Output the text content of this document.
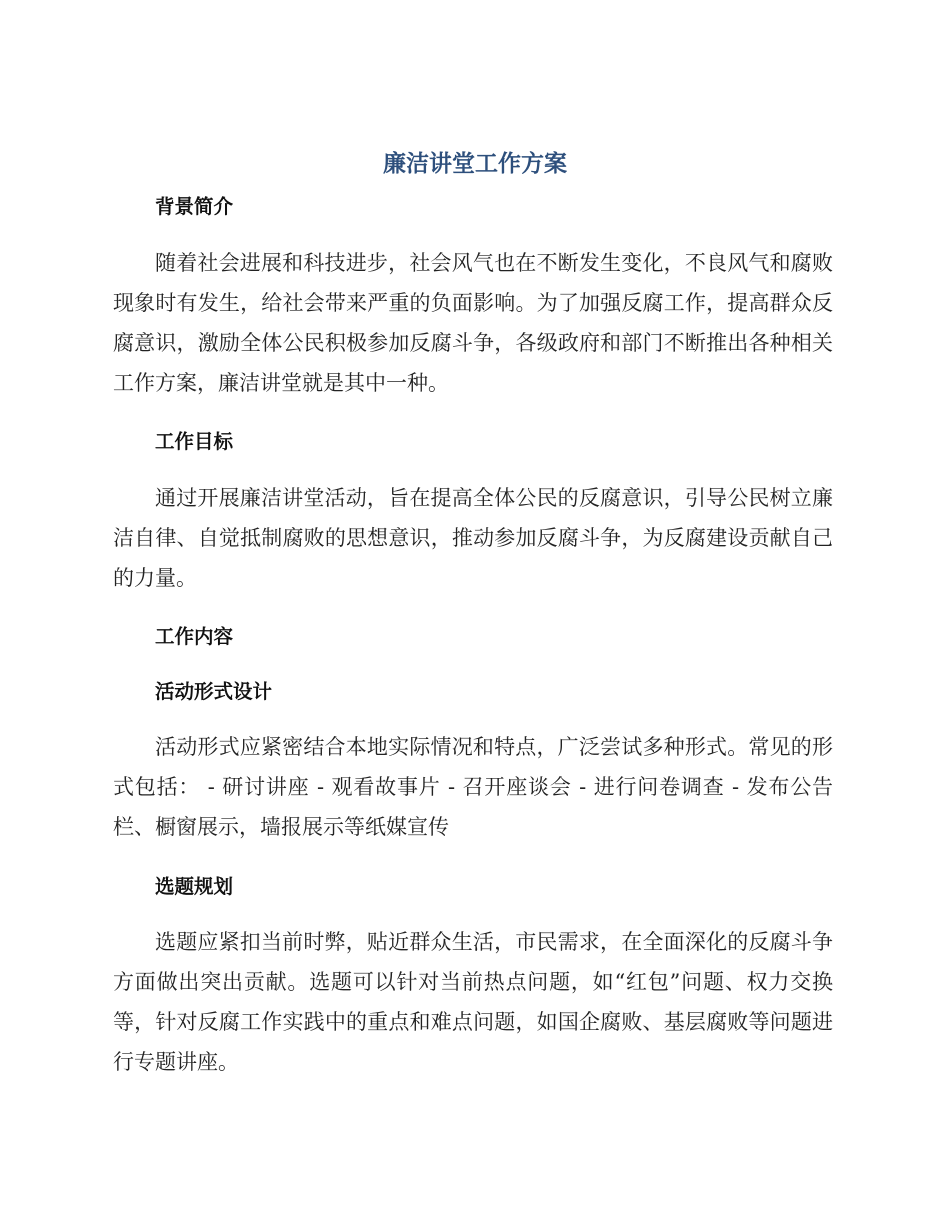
廉洁讲堂工作方案
背景简介

随着社会进展和科技进步，社会风气也在不断发生变化，不良风气和腐败现象时有发生，给社会带来严重的负面影响。为了加强反腐工作，提高群众反腐意识，激励全体公民积极参加反腐斗争，各级政府和部门不断推出各种相关工作方案，廉洁讲堂就是其中一种。

工作目标

通过开展廉洁讲堂活动，旨在提高全体公民的反腐意识，引导公民树立廉洁自律、自觉抵制腐败的思想意识，推动参加反腐斗争，为反腐建设贡献自己的力量。

工作内容
活动形式设计

活动形式应紧密结合本地实际情况和特点，广泛尝试多种形式。常见的形式包括： - 研讨讲座 - 观看故事片 - 召开座谈会 - 进行问卷调查 - 发布公告栏、橱窗展示，墙报展示等纸媒宣传

选题规划

选题应紧扣当前时弊，贴近群众生活，市民需求，在全面深化的反腐斗争方面做出突出贡献。选题可以针对当前热点问题，如“红包”问题、权力交换等，针对反腐工作实践中的重点和难点问题，如国企腐败、基层腐败等问题进行专题讲座。
